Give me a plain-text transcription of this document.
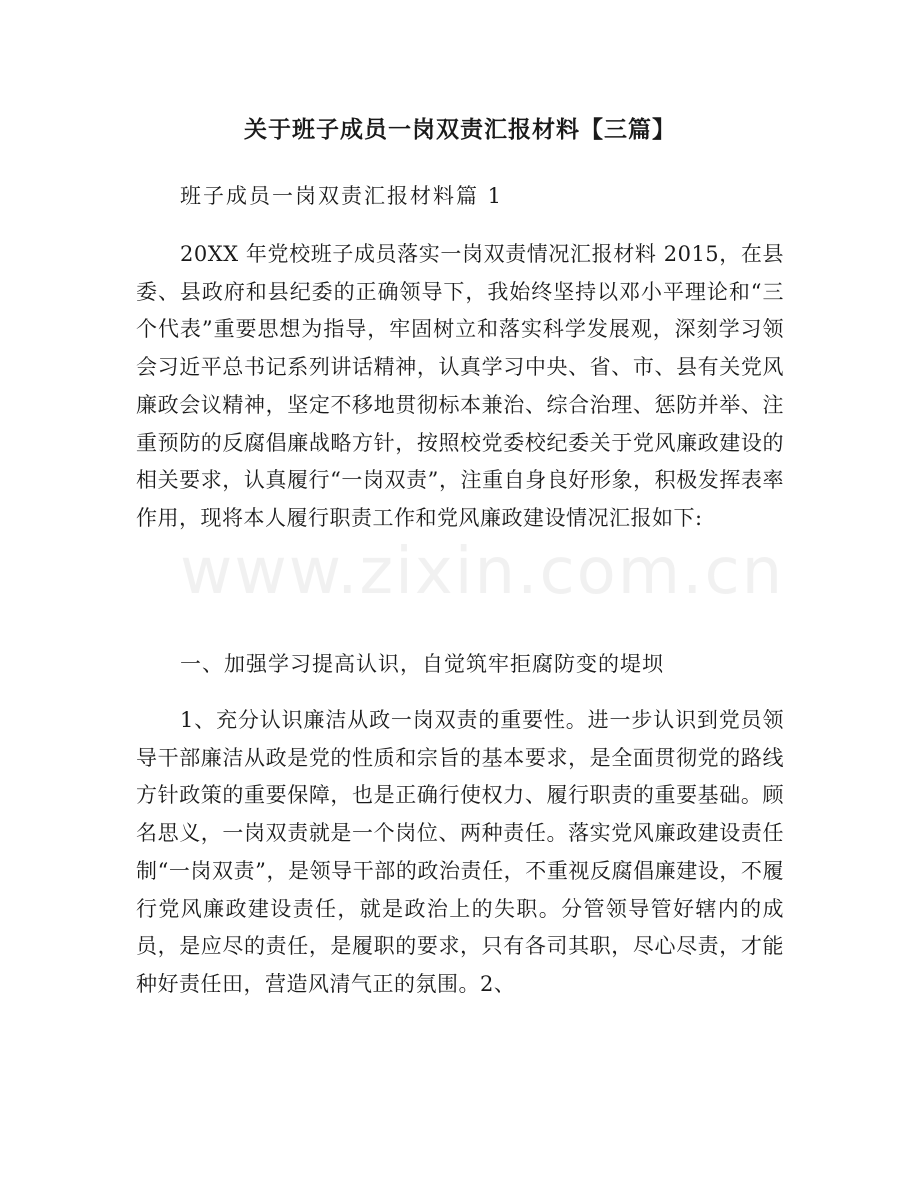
关于班子成员一岗双责汇报材料【三篇】
班子成员一岗双责汇报材料篇 1
20XX 年党校班子成员落实一岗双责情况汇报材料 2015，在县委、县政府和县纪委的正确领导下，我始终坚持以邓小平理论和“三个代表”重要思想为指导，牢固树立和落实科学发展观，深刻学习领会习近平总书记系列讲话精神，认真学习中央、省、市、县有关党风廉政会议精神，坚定不移地贯彻标本兼治、综合治理、惩防并举、注重预防的反腐倡廉战略方针，按照校党委校纪委关于党风廉政建设的相关要求，认真履行“一岗双责”，注重自身良好形象，积极发挥表率作用，现将本人履行职责工作和党风廉政建设情况汇报如下:
www.zixin.com.cn
一、加强学习提高认识，自觉筑牢拒腐防变的堤坝
1、充分认识廉洁从政一岗双责的重要性。进一步认识到党员领导干部廉洁从政是党的性质和宗旨的基本要求，是全面贯彻党的路线方针政策的重要保障，也是正确行使权力、履行职责的重要基础。顾名思义，一岗双责就是一个岗位、两种责任。落实党风廉政建设责任制“一岗双责”，是领导干部的政治责任，不重视反腐倡廉建设，不履行党风廉政建设责任，就是政治上的失职。分管领导管好辖内的成员，是应尽的责任，是履职的要求，只有各司其职，尽心尽责，才能种好责任田，营造风清气正的氛围。2、
